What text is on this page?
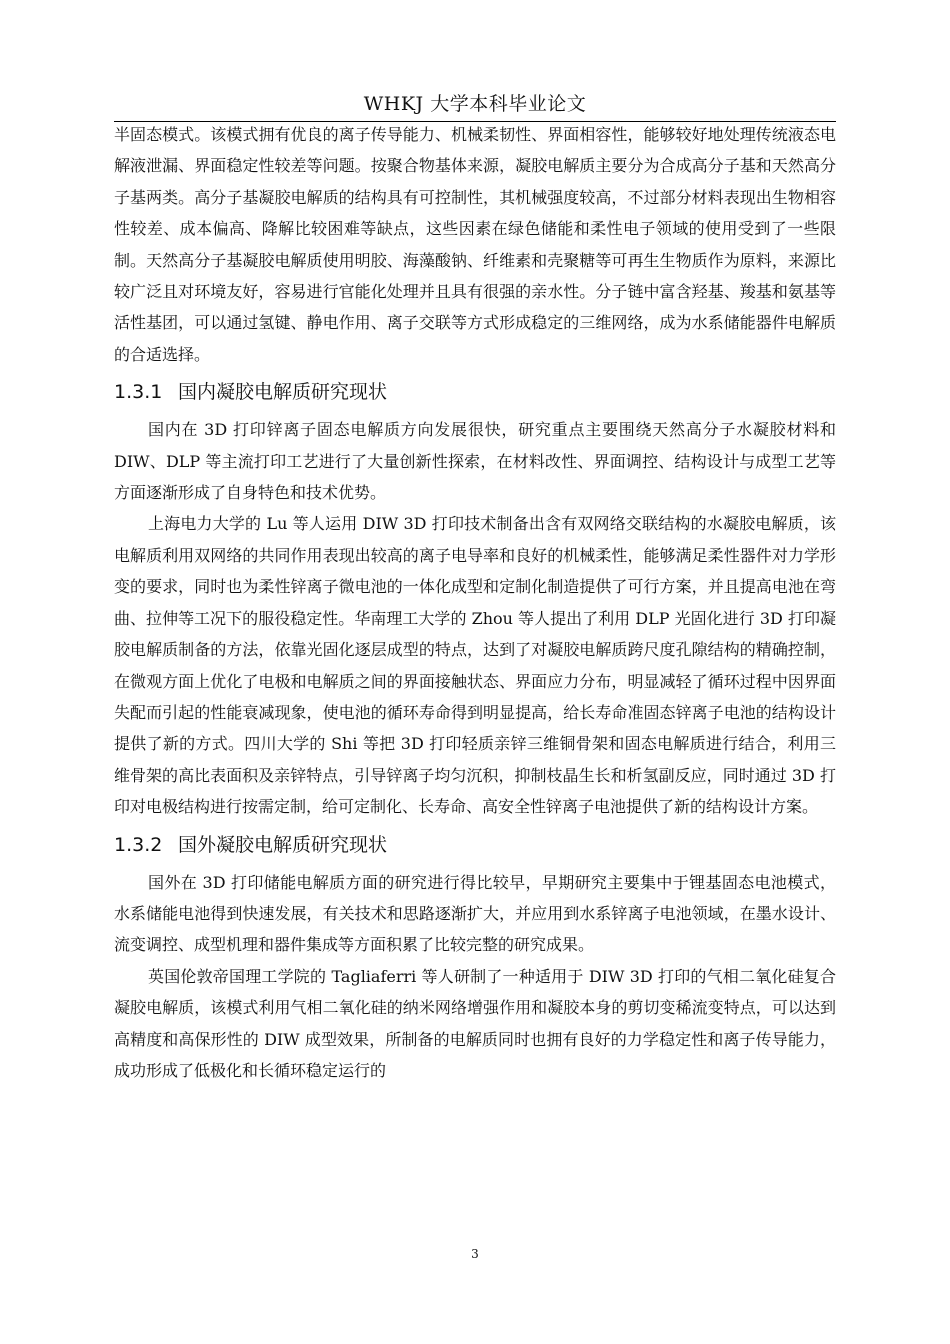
WHKJ 大学本科毕业论文

半固态模式。该模式拥有优良的离子传导能力、机械柔韧性、界面相容性，能够较好地处理传统液态电解液泄漏、界面稳定性较差等问题。按聚合物基体来源，凝胶电解质主要分为合成高分子基和天然高分子基两类。高分子基凝胶电解质的结构具有可控制性，其机械强度较高，不过部分材料表现出生物相容性较差、成本偏高、降解比较困难等缺点，这些因素在绿色储能和柔性电子领域的使用受到了一些限制。天然高分子基凝胶电解质使用明胶、海藻酸钠、纤维素和壳聚糖等可再生生物质作为原料，来源比较广泛且对环境友好，容易进行官能化处理并且具有很强的亲水性。分子链中富含羟基、羧基和氨基等活性基团，可以通过氢键、静电作用、离子交联等方式形成稳定的三维网络，成为水系储能器件电解质的合适选择。

1.3.1 国内凝胶电解质研究现状

国内在 3D 打印锌离子固态电解质方向发展很快，研究重点主要围绕天然高分子水凝胶材料和 DIW、DLP 等主流打印工艺进行了大量创新性探索，在材料改性、界面调控、结构设计与成型工艺等方面逐渐形成了自身特色和技术优势。

上海电力大学的 Lu 等人运用 DIW 3D 打印技术制备出含有双网络交联结构的水凝胶电解质，该电解质利用双网络的共同作用表现出较高的离子电导率和良好的机械柔性，能够满足柔性器件对力学形变的要求，同时也为柔性锌离子微电池的一体化成型和定制化制造提供了可行方案，并且提高电池在弯曲、拉伸等工况下的服役稳定性。华南理工大学的 Zhou 等人提出了利用 DLP 光固化进行 3D 打印凝胶电解质制备的方法，依靠光固化逐层成型的特点，达到了对凝胶电解质跨尺度孔隙结构的精确控制，在微观方面上优化了电极和电解质之间的界面接触状态、界面应力分布，明显减轻了循环过程中因界面失配而引起的性能衰减现象，使电池的循环寿命得到明显提高，给长寿命准固态锌离子电池的结构设计提供了新的方式。四川大学的 Shi 等把 3D 打印轻质亲锌三维铜骨架和固态电解质进行结合，利用三维骨架的高比表面积及亲锌特点，引导锌离子均匀沉积，抑制枝晶生长和析氢副反应，同时通过 3D 打印对电极结构进行按需定制，给可定制化、长寿命、高安全性锌离子电池提供了新的结构设计方案。

1.3.2 国外凝胶电解质研究现状

国外在 3D 打印储能电解质方面的研究进行得比较早，早期研究主要集中于锂基固态电池模式，水系储能电池得到快速发展，有关技术和思路逐渐扩大，并应用到水系锌离子电池领域，在墨水设计、流变调控、成型机理和器件集成等方面积累了比较完整的研究成果。

英国伦敦帝国理工学院的 Tagliaferri 等人研制了一种适用于 DIW 3D 打印的气相二氧化硅复合凝胶电解质，该模式利用气相二氧化硅的纳米网络增强作用和凝胶本身的剪切变稀流变特点，可以达到高精度和高保形性的 DIW 成型效果，所制备的电解质同时也拥有良好的力学稳定性和离子传导能力，成功形成了低极化和长循环稳定运行的

3
